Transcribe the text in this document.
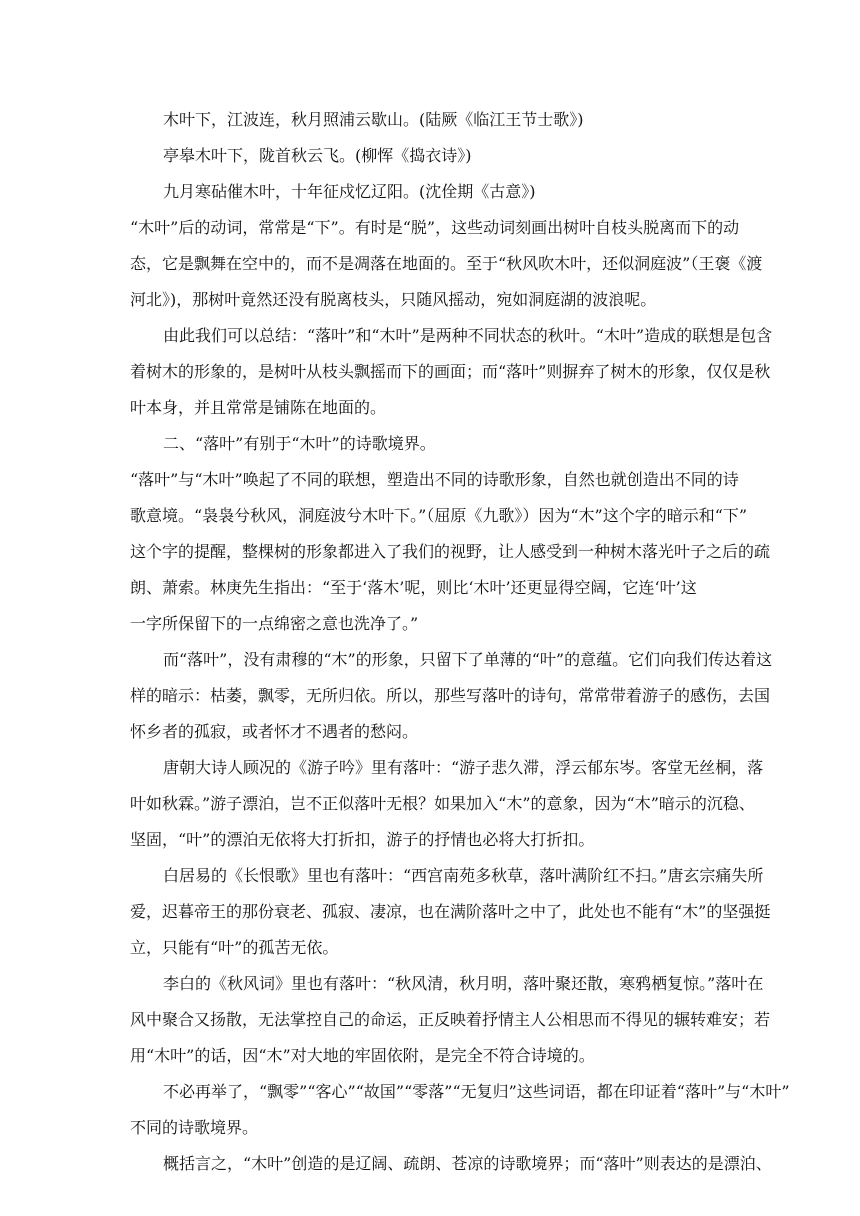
木叶下，江波连，秋月照浦云歇山。(陆厥《临江王节士歌》)
亭皋木叶下，陇首秋云飞。(柳恽《捣衣诗》)
九月寒砧催木叶，十年征戍忆辽阳。(沈佺期《古意》)
“木叶”后的动词，常常是“下”。有时是“脱”，这些动词刻画出树叶自枝头脱离而下的动
态，它是飘舞在空中的，而不是凋落在地面的。至于“秋风吹木叶，还似洞庭波”（王褒《渡
河北》)，那树叶竟然还没有脱离枝头，只随风摇动，宛如洞庭湖的波浪呢。
由此我们可以总结：“落叶”和“木叶”是两种不同状态的秋叶。“木叶”造成的联想是包含
着树木的形象的，是树叶从枝头飘摇而下的画面；而“落叶”则摒弃了树木的形象，仅仅是秋
叶本身，并且常常是铺陈在地面的。
二、“落叶”有别于“木叶”的诗歌境界。
“落叶”与“木叶”唤起了不同的联想，塑造出不同的诗歌形象，自然也就创造出不同的诗
歌意境。“袅袅兮秋风，洞庭波兮木叶下。”（屈原《九歌》）因为“木”这个字的暗示和“下”
这个字的提醒，整棵树的形象都进入了我们的视野，让人感受到一种树木落光叶子之后的疏
朗、萧索。林庚先生指出：“至于‘落木’呢，则比‘木叶’还更显得空阔，它连‘叶’这
一字所保留下的一点绵密之意也洗净了。”
而“落叶”，没有肃穆的“木”的形象，只留下了单薄的“叶”的意蕴。它们向我们传达着这
样的暗示：枯萎，飘零，无所归依。所以，那些写落叶的诗句，常常带着游子的感伤，去国
怀乡者的孤寂，或者怀才不遇者的愁闷。
唐朝大诗人顾况的《游子吟》里有落叶：“游子悲久滞，浮云郁东岑。客堂无丝桐，落
叶如秋霖。”游子漂泊，岂不正似落叶无根？如果加入“木”的意象，因为“木”暗示的沉稳、
坚固，“叶”的漂泊无依将大打折扣，游子的抒情也必将大打折扣。
白居易的《长恨歌》里也有落叶：“西宫南苑多秋草，落叶满阶红不扫。”唐玄宗痛失所
爱，迟暮帝王的那份衰老、孤寂、凄凉，也在满阶落叶之中了，此处也不能有“木”的坚强挺
立，只能有“叶”的孤苦无依。
李白的《秋风词》里也有落叶：“秋风清，秋月明，落叶聚还散，寒鸦栖复惊。”落叶在
风中聚合又扬散，无法掌控自己的命运，正反映着抒情主人公相思而不得见的辗转难安；若
用“木叶”的话，因“木”对大地的牢固依附，是完全不符合诗境的。
不必再举了，“飘零”“客心”“故国”“零落”“无复归”这些词语，都在印证着“落叶”与“木叶”
不同的诗歌境界。
概括言之，“木叶”创造的是辽阔、疏朗、苍凉的诗歌境界；而“落叶”则表达的是漂泊、
